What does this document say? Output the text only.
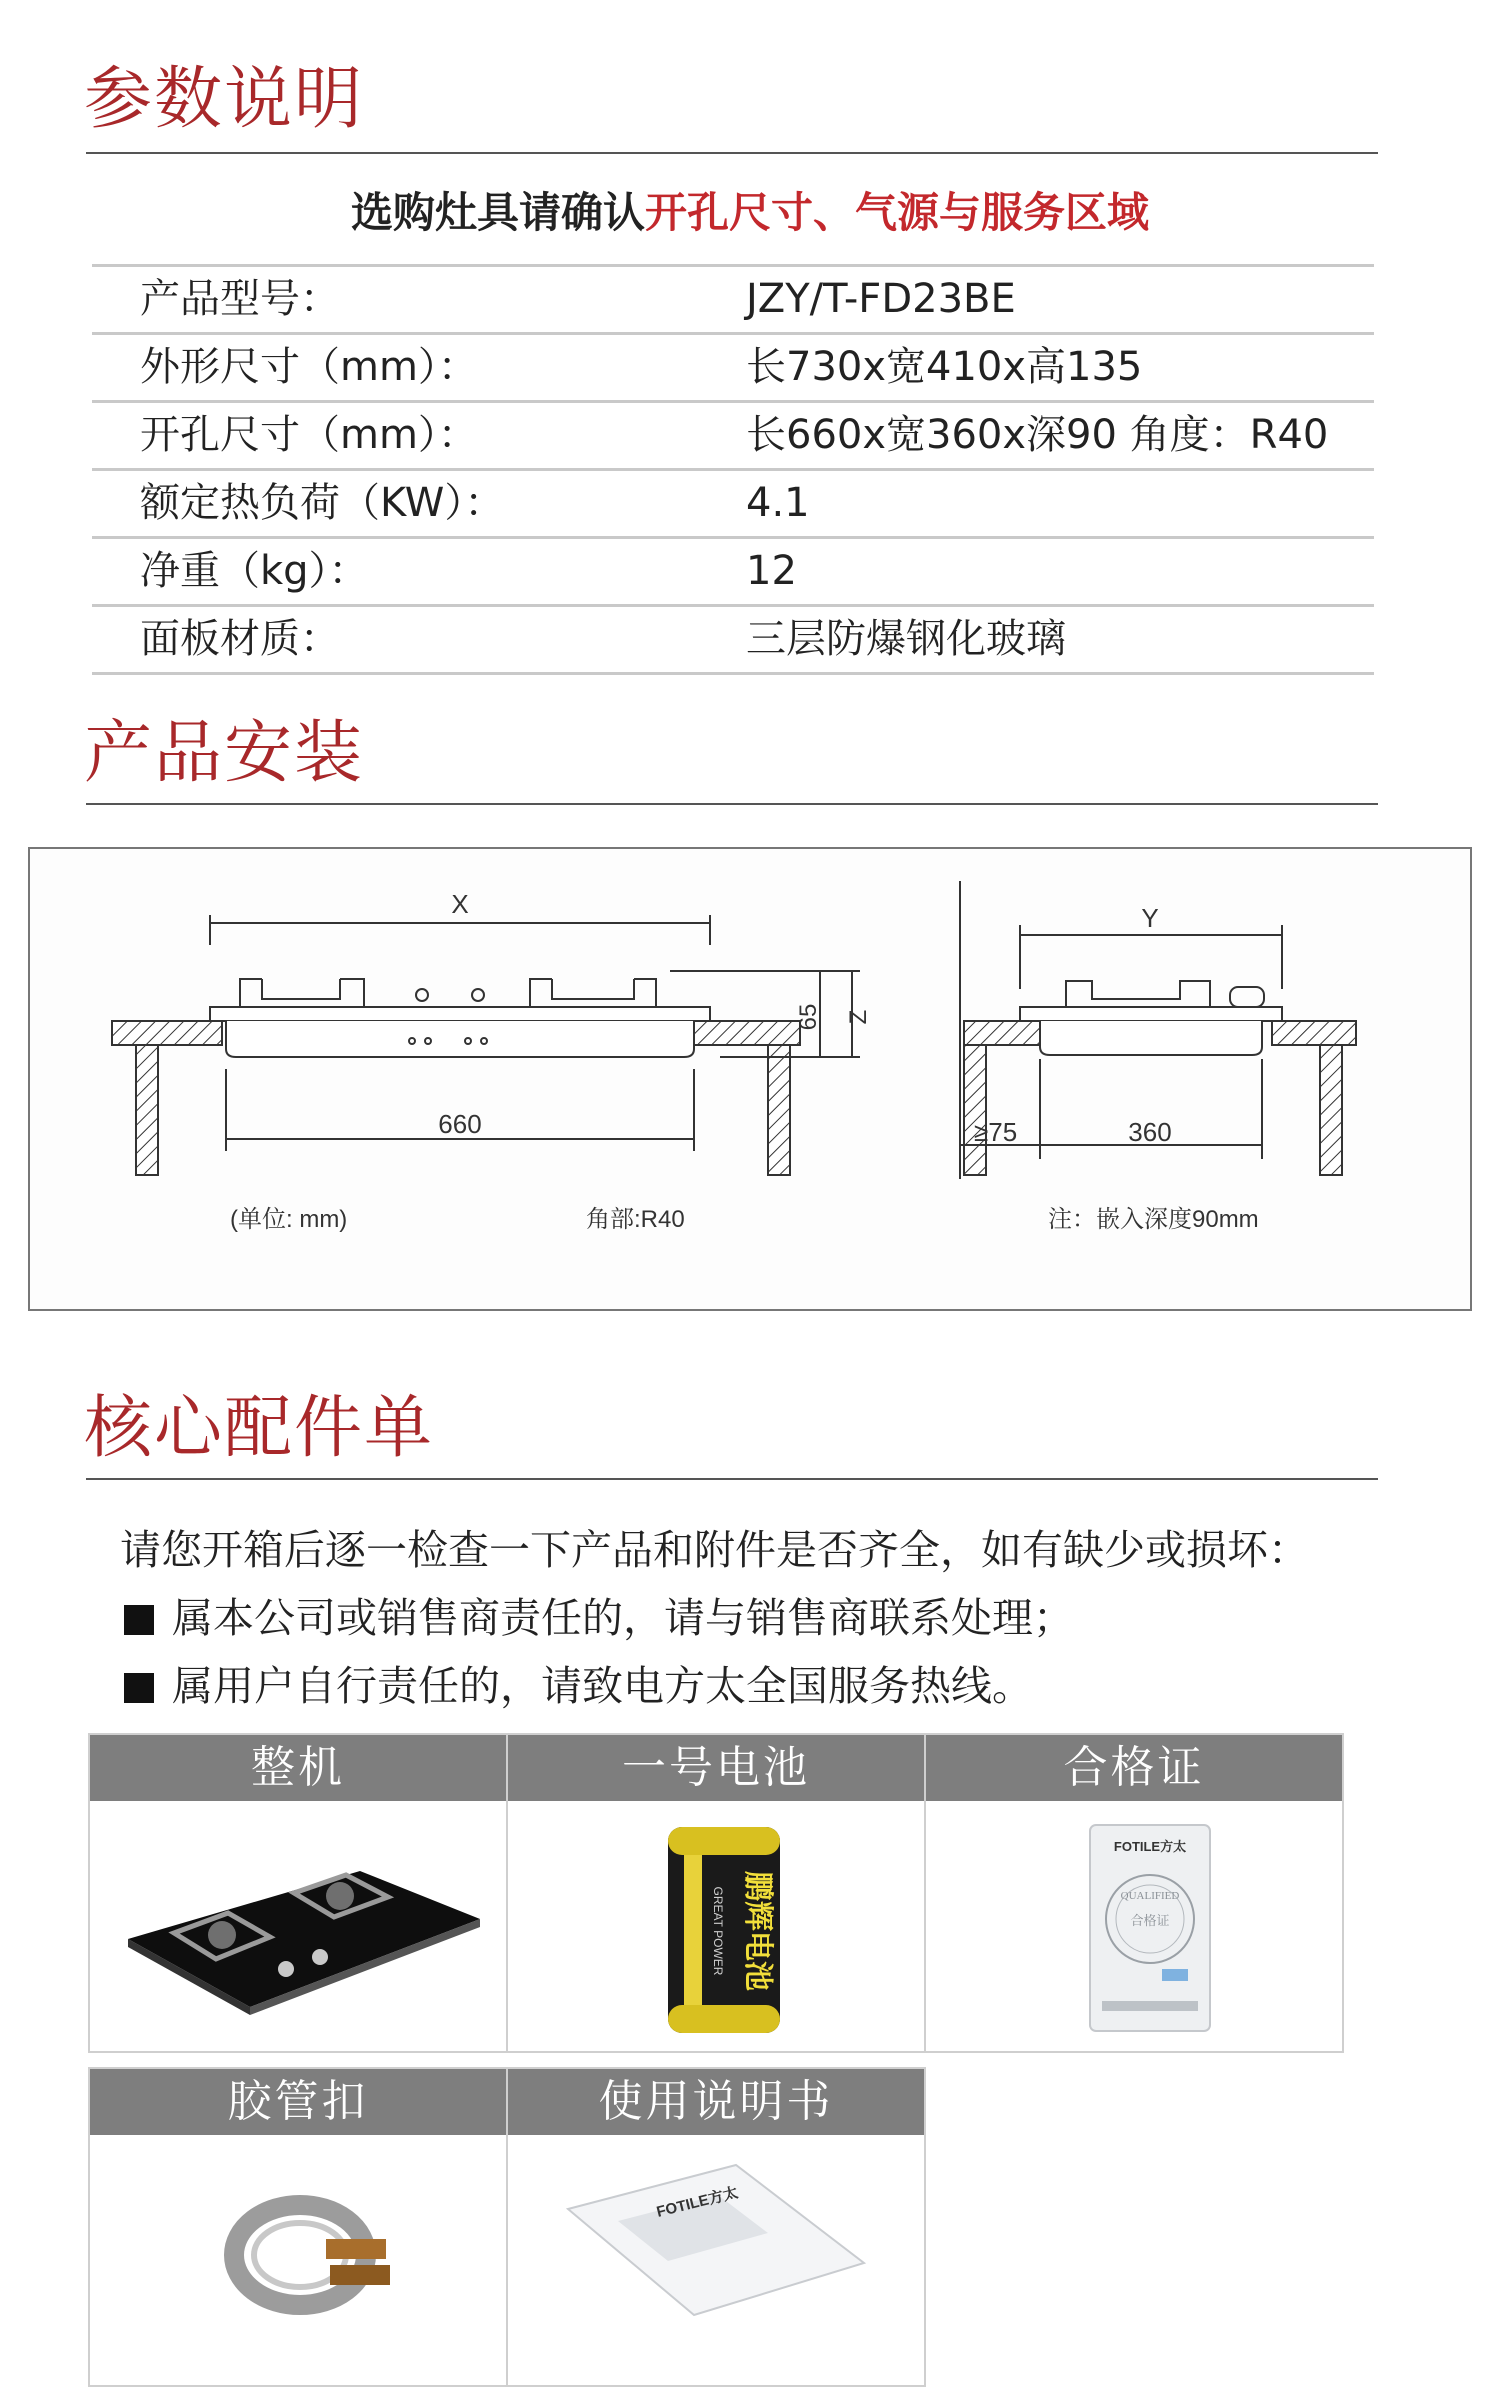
参数说明
选购灶具请确认开孔尺寸、气源与服务区域
产品型号：	JZY/T-FD23BE
外形尺寸（mm）：	长730x宽410x高135
开孔尺寸（mm）：	长660x宽360x深90 角度：R40
额定热负荷（KW）：	4.1
净重（kg）：	12
面板材质：	三层防爆钢化玻璃
产品安装
X
660
65 Z
Y
360
≥75
(单位: mm)	角部:R40	注：嵌入深度90mm
核心配件单
请您开箱后逐一检查一下产品和附件是否齐全，如有缺少或损坏：
属本公司或销售商责任的，请与销售商联系处理；
属用户自行责任的，请致电方太全国服务热线。
整机	一号电池
鹏辉电池
GREAT POWER
合格证
FOTILE方太
QUALIFIED
合格证
胶管扣	使用说明书
FOTILE方太
